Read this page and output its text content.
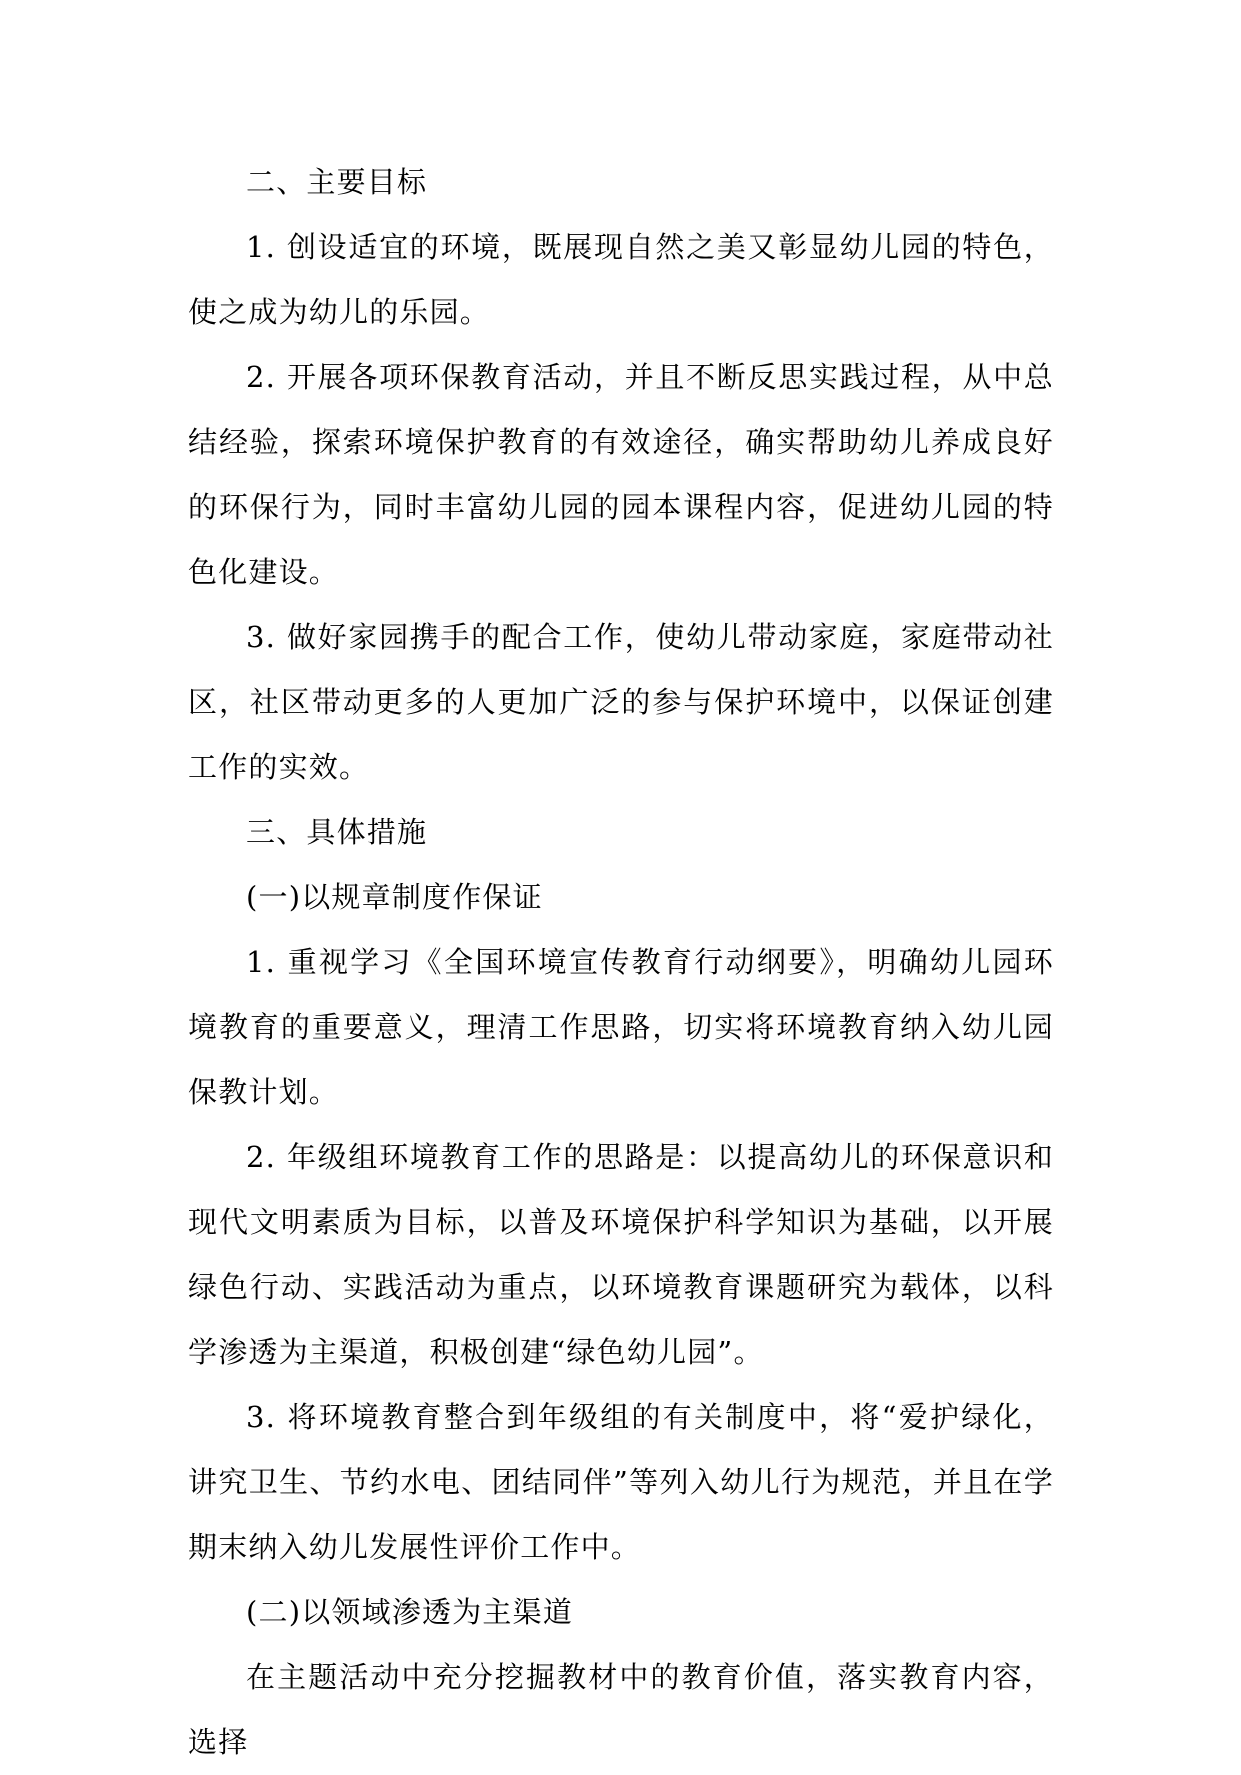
二、主要目标

1. 创设适宜的环境，既展现自然之美又彰显幼儿园的特色，使之成为幼儿的乐园。

2. 开展各项环保教育活动，并且不断反思实践过程，从中总结经验，探索环境保护教育的有效途径，确实帮助幼儿养成良好的环保行为，同时丰富幼儿园的园本课程内容，促进幼儿园的特色化建设。

3. 做好家园携手的配合工作，使幼儿带动家庭，家庭带动社区，社区带动更多的人更加广泛的参与保护环境中，以保证创建工作的实效。

三、具体措施

(一)以规章制度作保证

1. 重视学习《全国环境宣传教育行动纲要》，明确幼儿园环境教育的重要意义，理清工作思路，切实将环境教育纳入幼儿园保教计划。

2. 年级组环境教育工作的思路是：以提高幼儿的环保意识和现代文明素质为目标，以普及环境保护科学知识为基础，以开展绿色行动、实践活动为重点，以环境教育课题研究为载体，以科学渗透为主渠道，积极创建“绿色幼儿园”。

3. 将环境教育整合到年级组的有关制度中，将“爱护绿化，讲究卫生、节约水电、团结同伴”等列入幼儿行为规范，并且在学期末纳入幼儿发展性评价工作中。

(二)以领域渗透为主渠道

在主题活动中充分挖掘教材中的教育价值，落实教育内容，选择
